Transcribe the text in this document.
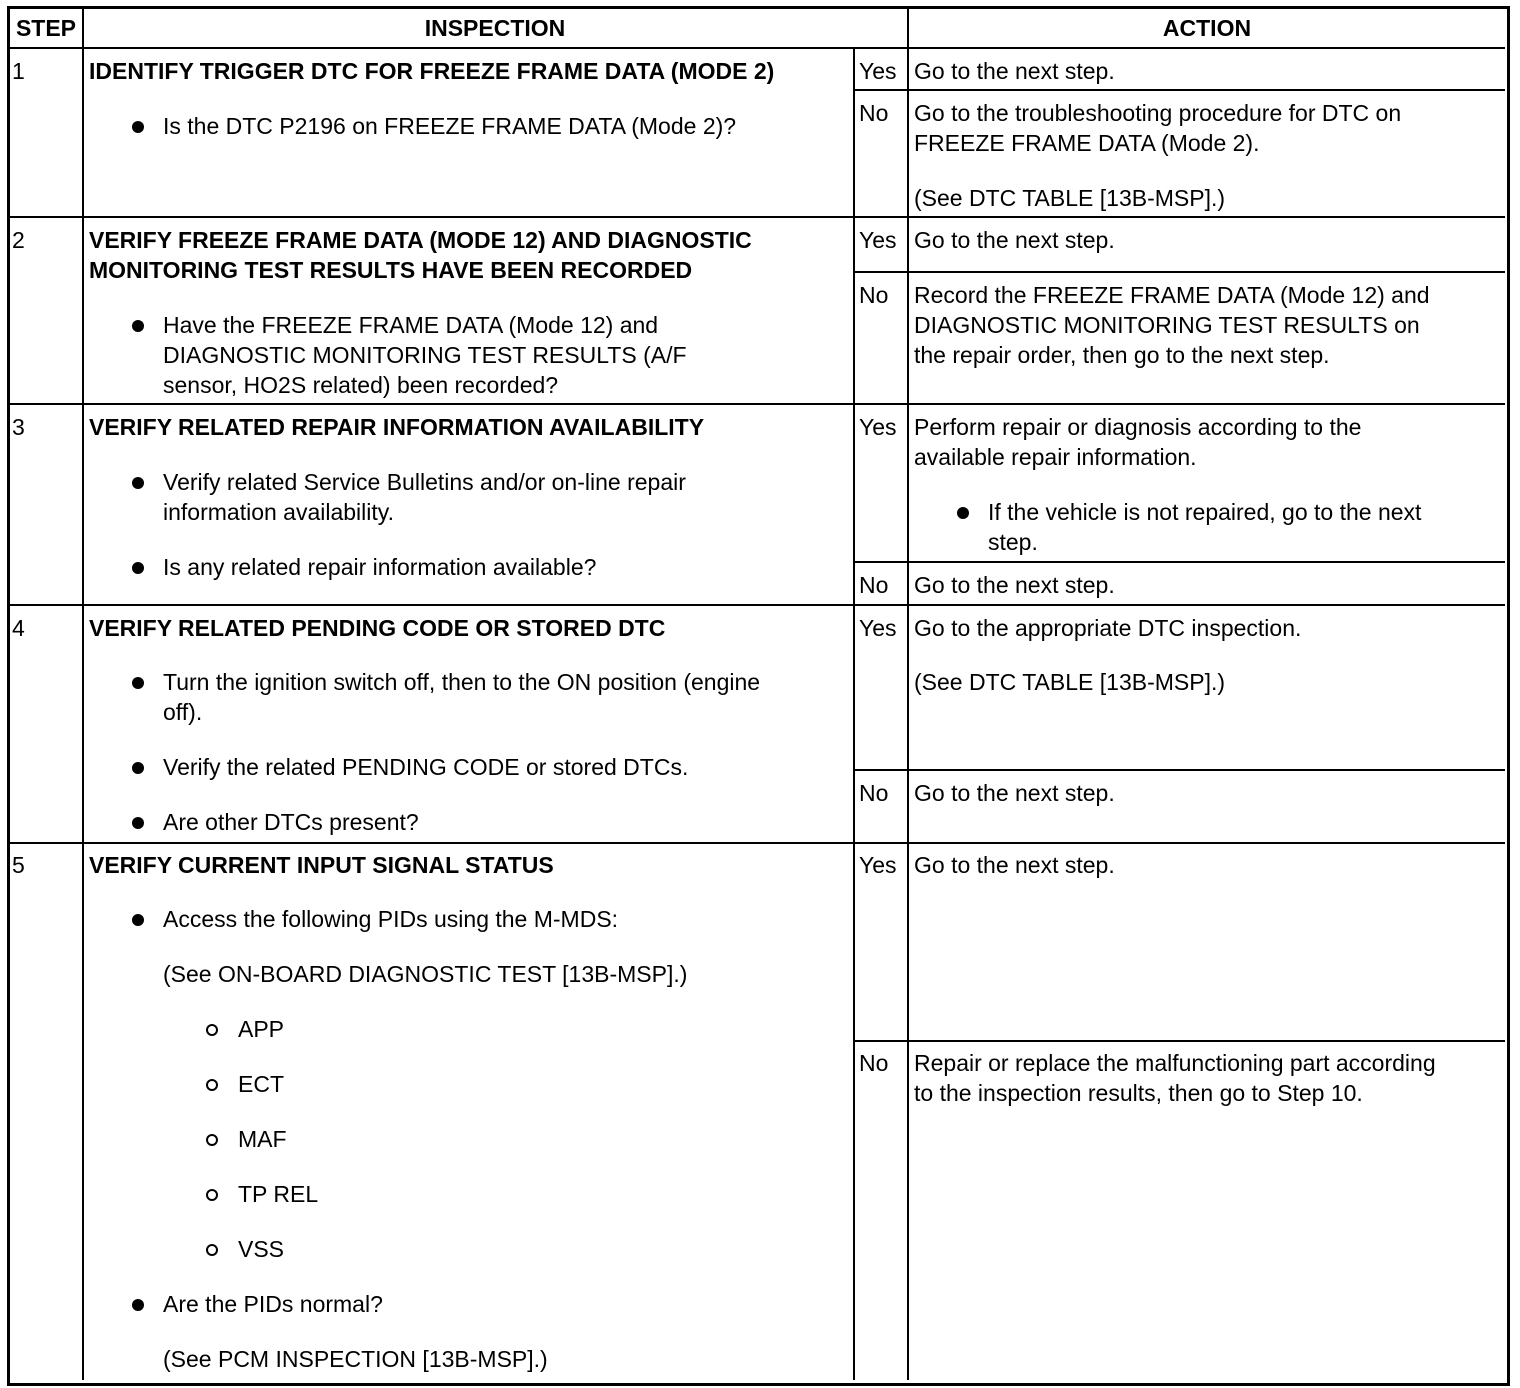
STEP	INSPECTION	ACTION
1	IDENTIFY TRIGGER DTC FOR FREEZE FRAME DATA (MODE 2)
Is the DTC P2196 on FREEZE FRAME DATA (Mode 2)?
Yes Go to the next step.
No Go to the troubleshooting procedure for DTC on
FREEZE FRAME DATA (Mode 2).
(See DTC TABLE [13B-MSP].)
2	VERIFY FREEZE FRAME DATA (MODE 12) AND DIAGNOSTIC
MONITORING TEST RESULTS HAVE BEEN RECORDED
Have the FREEZE FRAME DATA (Mode 12) and
DIAGNOSTIC MONITORING TEST RESULTS (A/F
sensor, HO2S related) been recorded?
Yes Go to the next step.
No Record the FREEZE FRAME DATA (Mode 12) and
DIAGNOSTIC MONITORING TEST RESULTS on
the repair order, then go to the next step.
3	VERIFY RELATED REPAIR INFORMATION AVAILABILITY
Verify related Service Bulletins and/or on-line repair
information availability.
Is any related repair information available?
Yes Perform repair or diagnosis according to the
available repair information.
If the vehicle is not repaired, go to the next
step.
No Go to the next step.
4	VERIFY RELATED PENDING CODE OR STORED DTC
Turn the ignition switch off, then to the ON position (engine
off).
Verify the related PENDING CODE or stored DTCs.
Are other DTCs present?
Yes Go to the appropriate DTC inspection.
(See DTC TABLE [13B-MSP].)
No Go to the next step.
5	VERIFY CURRENT INPUT SIGNAL STATUS
Access the following PIDs using the M-MDS:
(See ON-BOARD DIAGNOSTIC TEST [13B-MSP].)
APP
ECT
MAF
TP REL
VSS
Are the PIDs normal?
(See PCM INSPECTION [13B-MSP].)
Yes Go to the next step.
No Repair or replace the malfunctioning part according
to the inspection results, then go to Step 10.
